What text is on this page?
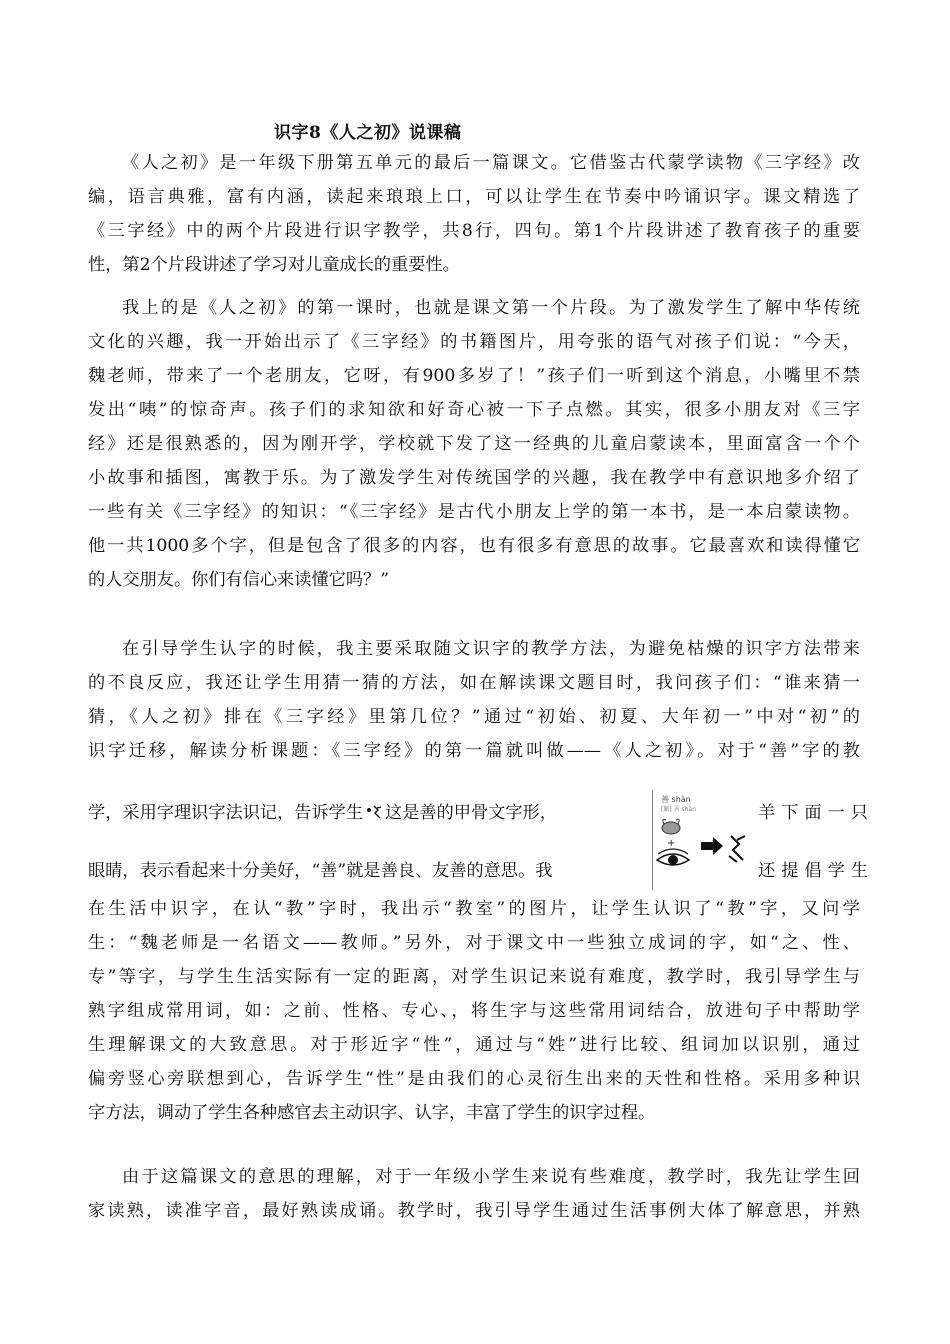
识字8《人之初》说课稿
《人之初》是一年级下册第五单元的最后一篇课文。它借鉴古代蒙学读物《三字经》改
编，语言典雅，富有内涵，读起来琅琅上口，可以让学生在节奏中吟诵识字。课文精选了
《三字经》中的两个片段进行识字教学，共8行，四句。第1个片段讲述了教育孩子的重要
性，第2个片段讲述了学习对儿童成长的重要性。
我上的是《人之初》的第一课时，也就是课文第一个片段。为了激发学生了解中华传统
文化的兴趣，我一开始出示了《三字经》的书籍图片，用夸张的语气对孩子们说：“今天，
魏老师，带来了一个老朋友，它呀，有900多岁了！”孩子们一听到这个消息，小嘴里不禁
发出“咦”的惊奇声。孩子们的求知欲和好奇心被一下子点燃。其实，很多小朋友对《三字
经》还是很熟悉的，因为刚开学，学校就下发了这一经典的儿童启蒙读本，里面富含一个个
小故事和插图，寓教于乐。为了激发学生对传统国学的兴趣，我在教学中有意识地多介绍了
一些有关《三字经》的知识：“《三字经》是古代小朋友上学的第一本书，是一本启蒙读物。
他一共1000多个字，但是包含了很多的内容，也有很多有意思的故事。它最喜欢和读得懂它
的人交朋友。你们有信心来读懂它吗？”
在引导学生认字的时候，我主要采取随文识字的教学方法，为避免枯燥的识字方法带来
的不良反应，我还让学生用猜一猜的方法，如在解读课文题目时，我问孩子们：“谁来猜一
猜，《人之初》排在《三字经》里第几位？”通过“初始、初夏、大年初一”中对“初”的
识字迁移，解读分析课题：《三字经》的第一篇就叫做——《人之初》。对于“善”字的教
学，采用字理识字法识记，告诉学生 这是善的甲骨文字形，	羊下面一只
眼睛，表示看起来十分美好，“善”就是善良、友善的意思。我	还提倡学生
善 shàn
[繁] 善 shàn
+
在生活中识字，在认“教”字时，我出示“教室”的图片，让学生认识了“教”字，又问学
生：“魏老师是一名语文——教师。”另外，对于课文中一些独立成词的字，如“之、性、
专”等字，与学生生活实际有一定的距离，对学生识记来说有难度，教学时，我引导学生与
熟字组成常用词，如：之前、性格、专心、，将生字与这些常用词结合，放进句子中帮助学
生理解课文的大致意思。对于形近字“性”，通过与“姓”进行比较、组词加以识别，通过
偏旁竖心旁联想到心，告诉学生“性”是由我们的心灵衍生出来的天性和性格。采用多种识
字方法，调动了学生各种感官去主动识字、认字，丰富了学生的识字过程。
由于这篇课文的意思的理解，对于一年级小学生来说有些难度，教学时，我先让学生回
家读熟，读准字音，最好熟读成诵。教学时，我引导学生通过生活事例大体了解意思，并熟
